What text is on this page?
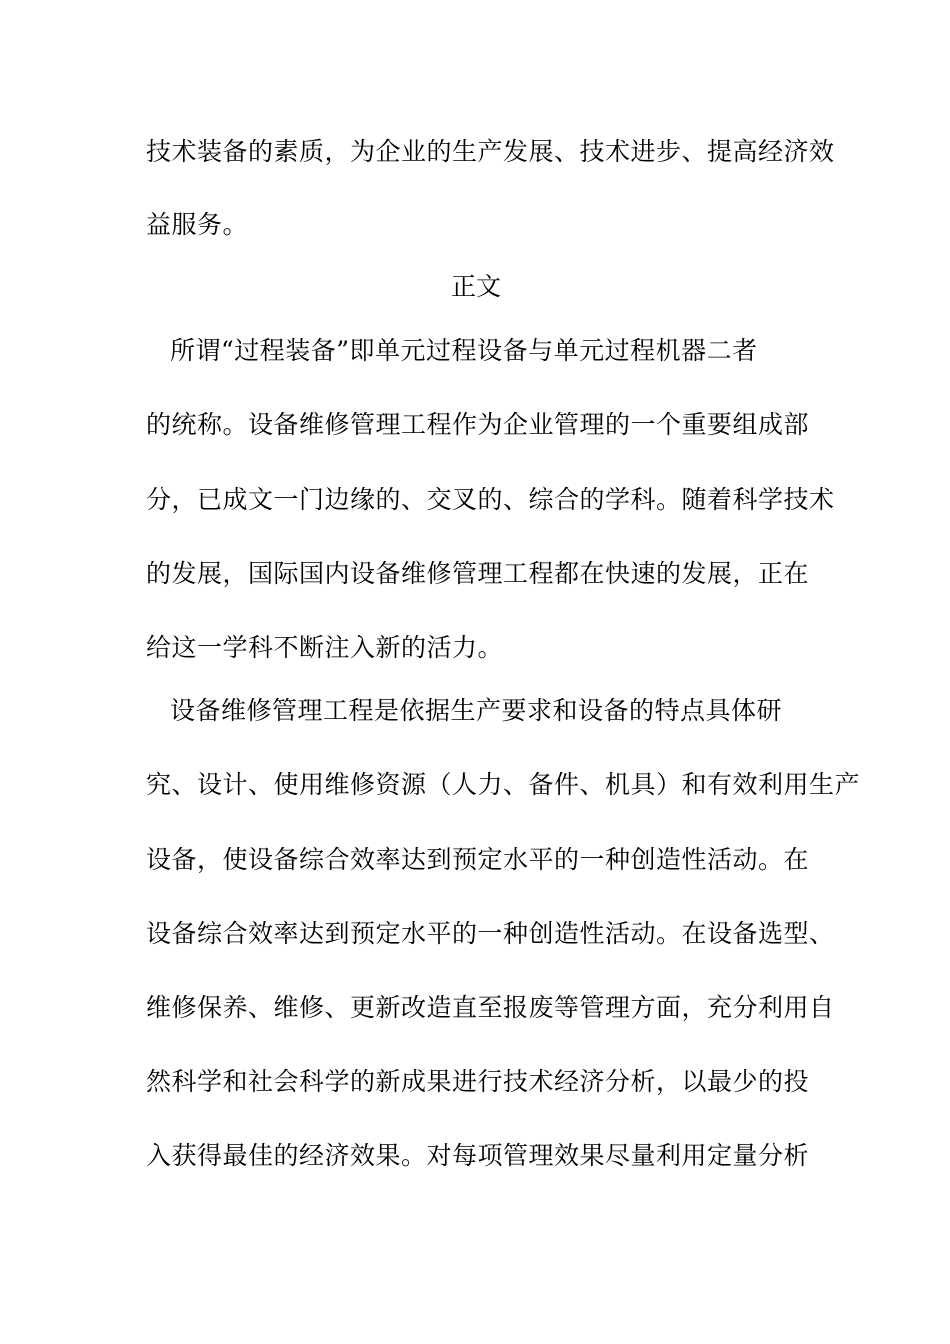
技术装备的素质，为企业的生产发展、技术进步、提高经济效
益服务。
正文
所谓“过程装备”即单元过程设备与单元过程机器二者
的统称。设备维修管理工程作为企业管理的一个重要组成部
分，已成文一门边缘的、交叉的、综合的学科。随着科学技术
的发展，国际国内设备维修管理工程都在快速的发展，正在
给这一学科不断注入新的活力。
设备维修管理工程是依据生产要求和设备的特点具体研
究、设计、使用维修资源（人力、备件、机具）和有效利用生产
设备，使设备综合效率达到预定水平的一种创造性活动。在
设备综合效率达到预定水平的一种创造性活动。在设备选型、
维修保养、维修、更新改造直至报废等管理方面，充分利用自
然科学和社会科学的新成果进行技术经济分析，以最少的投
入获得最佳的经济效果。对每项管理效果尽量利用定量分析
